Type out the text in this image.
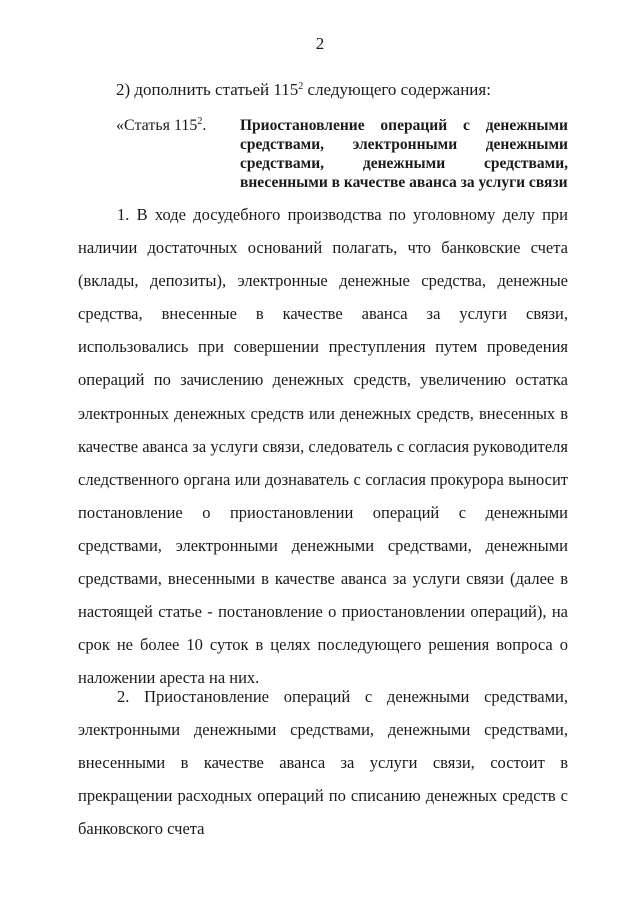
2
2) дополнить статьей $115^2$ следующего содержания:
«Статья $115^2$. Приостановление операций с денежными средствами, электронными денежными средствами, денежными средствами, внесенными в качестве аванса за услуги связи

1. В ходе досудебного производства по уголовному делу при наличии достаточных оснований полагать, что банковские счета (вклады, депозиты), электронные денежные средства, денежные средства, внесенные в качестве аванса за услуги связи, использовались при совершении преступления путем проведения операций по зачислению денежных средств, увеличению остатка электронных денежных средств или денежных средств, внесенных в качестве аванса за услуги связи, следователь с согласия руководителя следственного органа или дознаватель с согласия прокурора выносит постановление о приостановлении операций с денежными средствами, электронными денежными средствами, денежными средствами, внесенными в качестве аванса за услуги связи (далее в настоящей статье - постановление о приостановлении операций), на срок не более 10 суток в целях последующего решения вопроса о наложении ареста на них.

2. Приостановление операций с денежными средствами, электронными денежными средствами, денежными средствами, внесенными в качестве аванса за услуги связи, состоит в прекращении расходных операций по списанию денежных средств с банковского счета
